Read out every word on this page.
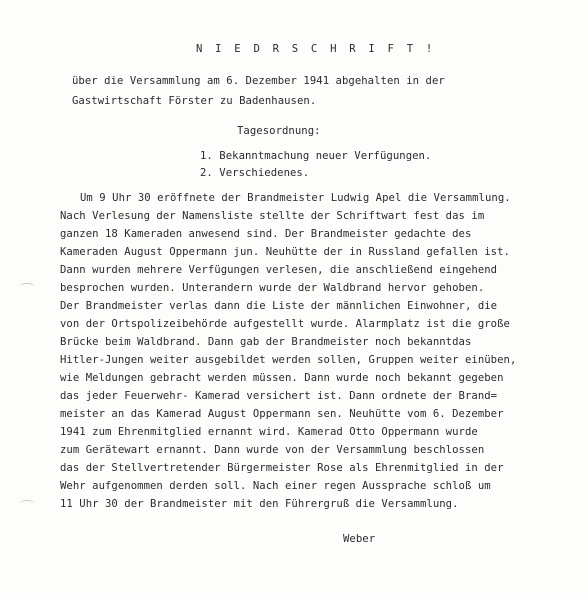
N I E D R S C H R I F T !
über die Versammlung am 6. Dezember 1941 abgehalten in der
Gastwirtschaft Förster zu Badenhausen.
Tagesordnung:
1. Bekanntmachung neuer Verfügungen.
2. Verschiedenes.
Um 9 Uhr 30 eröffnete der Brandmeister Ludwig Apel die Versammlung.
Nach Verlesung der Namensliste stellte der Schriftwart fest das im
ganzen 18 Kameraden anwesend sind. Der Brandmeister gedachte des
Kameraden August Oppermann jun. Neuhütte der in Russland gefallen ist.
Dann wurden mehrere Verfügungen verlesen, die anschließend eingehend
besprochen wurden. Unterandern wurde der Waldbrand hervor gehoben.
Der Brandmeister verlas dann die Liste der männlichen Einwohner, die
von der Ortspolizeibehörde aufgestellt wurde. Alarmplatz ist die große
Brücke beim Waldbrand. Dann gab der Brandmeister noch bekanntdas
Hitler-Jungen weiter ausgebildet werden sollen, Gruppen weiter einüben,
wie Meldungen gebracht werden müssen. Dann wurde noch bekannt gegeben
das jeder Feuerwehr- Kamerad versichert ist. Dann ordnete der Brand=
meister an das Kamerad August Oppermann sen. Neuhütte vom 6. Dezember
1941 zum Ehrenmitglied ernannt wird. Kamerad Otto Oppermann wurde
zum Gerätewart ernannt. Dann wurde von der Versammlung beschlossen
das der Stellvertretender Bürgermeister Rose als Ehrenmitglied in der
Wehr aufgenommen derden soll. Nach einer regen Aussprache schloß um
11 Uhr 30 der Brandmeister mit den Führergruß die Versammlung.
Weber
